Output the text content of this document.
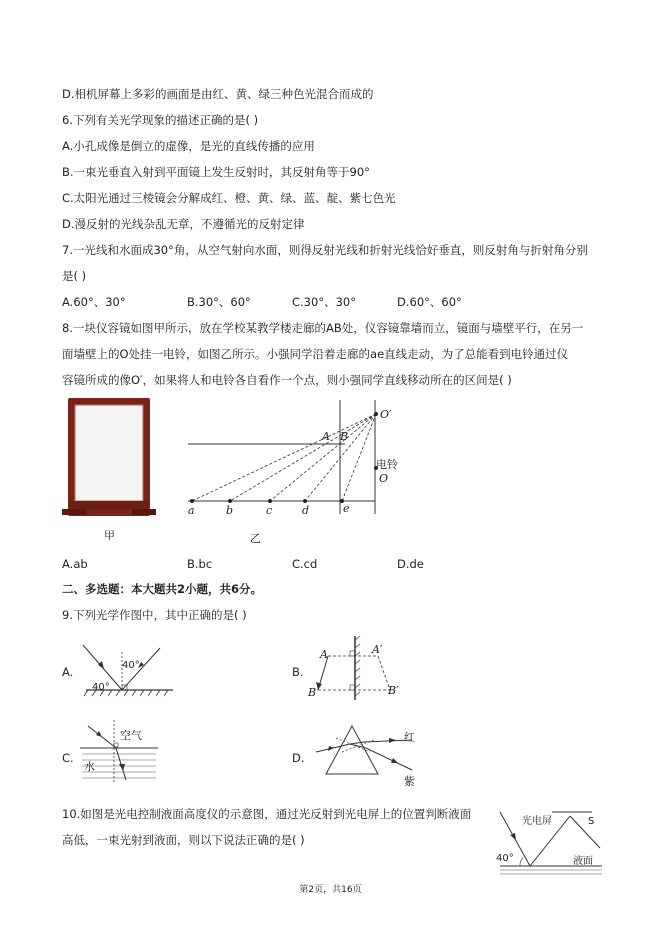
D.相机屏幕上多彩的画面是由红、黄、绿三种色光混合而成的
6.下列有关光学现象的描述正确的是( )
A.小孔成像是倒立的虚像，是光的直线传播的应用
B.一束光垂直入射到平面镜上发生反射时，其反射角等于90°
C.太阳光通过三棱镜会分解成红、橙、黄、绿、蓝、靛、紫七色光
D.漫反射的光线杂乱无章，不遵循光的反射定律
7.一光线和水面成30°角，从空气射向水面，则得反射光线和折射光线恰好垂直，则反射角与折射角分别
是( )
A.60°、30°	B.30°、60°	C.30°、30°	D.60°、60°
8.一块仪容镜如图甲所示，放在学校某教学楼走廊的AB处，仪容镜靠墙而立，镜面与墙壁平行，在另一
面墙壁上的O处挂一电铃，如图乙所示。小强同学沿着走廊的ae直线走动，为了总能看到电铃通过仪
容镜所成的像O′，如果将人和电铃各自看作一个点，则小强同学直线移动所在的区间是( )
甲
a	b	c	d	e
A B
O′
电铃
O
乙
A.ab	B.bc	C.cd	D.de
二、多选题：本大题共2小题，共6分。
9.下列光学作图中，其中正确的是( )
A.	40°
40°
B.
A	A′
B	B′
C.
空气
水
D.
红
紫
10.如图是光电控制液面高度仪的示意图，通过光反射到光电屏上的位置判断液面
高低，一束光射到液面，则以下说法正确的是( )
光电屏	S
液面
40°
第2页，共16页
